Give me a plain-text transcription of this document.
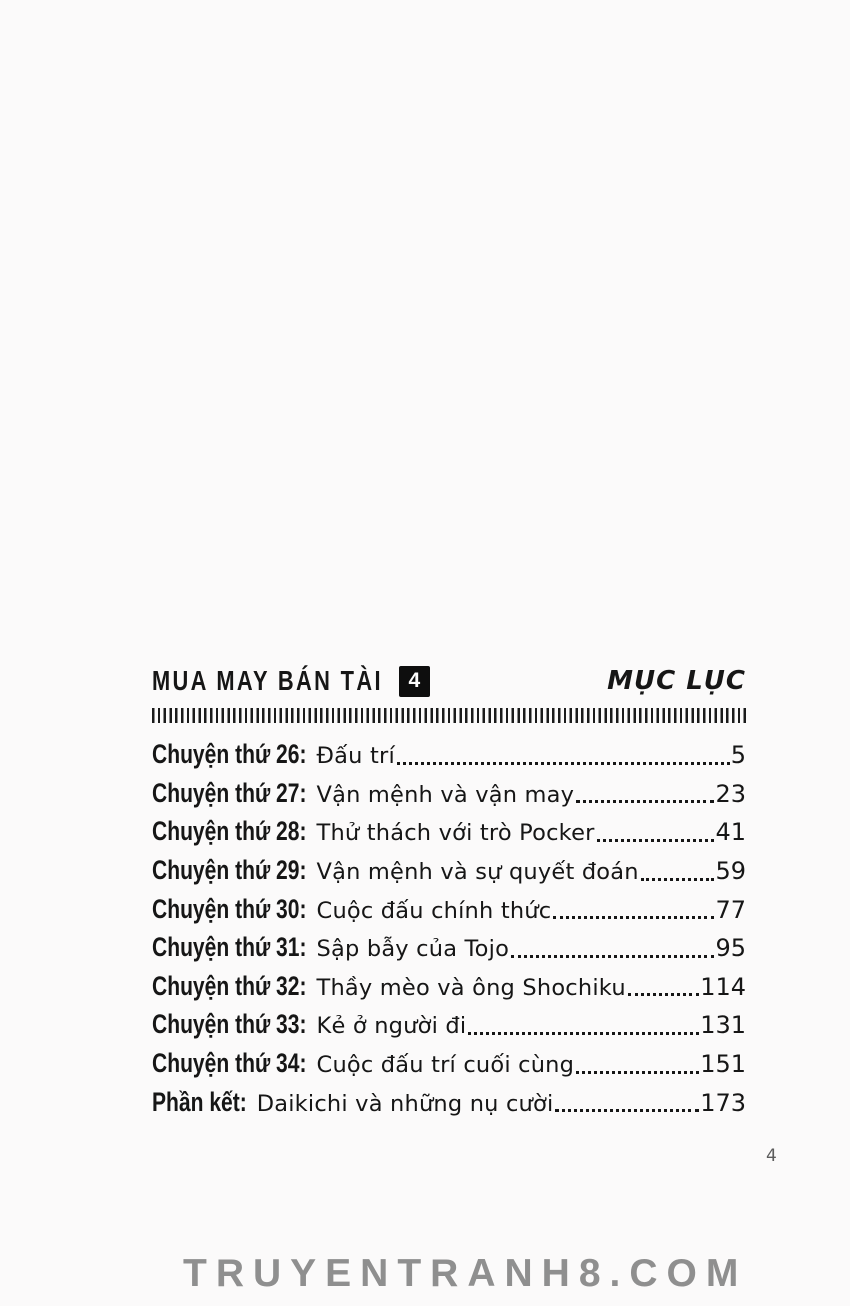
MUA MAY BÁN TÀI	4	MỤC LỤC
Chuyện thứ 26: Đấu trí	5
Chuyện thứ 27: Vận mệnh và vận may	23
Chuyện thứ 28: Thử thách với trò Pocker	41
Chuyện thứ 29: Vận mệnh và sự quyết đoán	59
Chuyện thứ 30: Cuộc đấu chính thức	77
Chuyện thứ 31: Sập bẫy của Tojo	95
Chuyện thứ 32: Thầy mèo và ông Shochiku	114
Chuyện thứ 33: Kẻ ở người đi	131
Chuyện thứ 34: Cuộc đấu trí cuối cùng	151
Phần kết: Daikichi và những nụ cười	173
4
TRUYENTRANH8.COM
